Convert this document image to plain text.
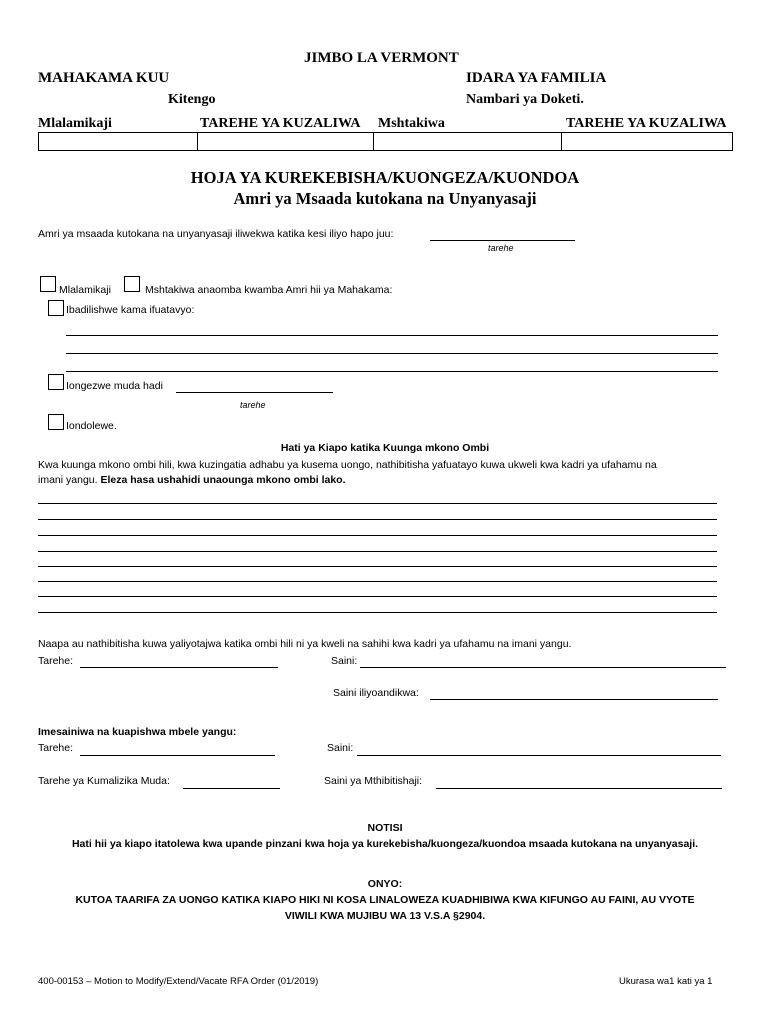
JIMBO LA VERMONT
MAHAKAMA KUU	IDARA YA FAMILIA
Kitengo	Nambari ya Doketi.
Mlalamikaji	TAREHE YA KUZALIWA Mshtakiwa	TAREHE YA KUZALIWA
HOJA YA KUREKEBISHA/KUONGEZA/KUONDOA
Amri ya Msaada kutokana na Unyanyasaji
Amri ya msaada kutokana na unyanyasaji iliwekwa katika kesi iliyo hapo juu:
tarehe
Mlalamikaji	Mshtakiwa anaomba kwamba Amri hii ya Mahakama:
Ibadilishwe kama ifuatavyo:
Iongezwe muda hadi
tarehe
Iondolewe.
Hati ya Kiapo katika Kuunga mkono Ombi
Kwa kuunga mkono ombi hili, kwa kuzingatia adhabu ya kusema uongo, nathibitisha yafuatayo kuwa ukweli kwa kadri ya ufahamu na
imani yangu. Eleza hasa ushahidi unaounga mkono ombi lako.
Naapa au nathibitisha kuwa yaliyotajwa katika ombi hili ni ya kweli na sahihi kwa kadri ya ufahamu na imani yangu.
Tarehe:	Saini:
Saini iliyoandikwa:
Imesainiwa na kuapishwa mbele yangu:
Tarehe:	Saini:
Tarehe ya Kumalizika Muda:	Saini ya Mthibitishaji:
NOTISI
Hati hii ya kiapo itatolewa kwa upande pinzani kwa hoja ya kurekebisha/kuongeza/kuondoa msaada kutokana na unyanyasaji.
ONYO:
KUTOA TAARIFA ZA UONGO KATIKA KIAPO HIKI NI KOSA LINALOWEZA KUADHIBIWA KWA KIFUNGO AU FAINI, AU VYOTE
VIWILI KWA MUJIBU WA 13 V.S.A §2904.
400-00153 – Motion to Modify/Extend/Vacate RFA Order (01/2019)	Ukurasa wa1 kati ya 1
